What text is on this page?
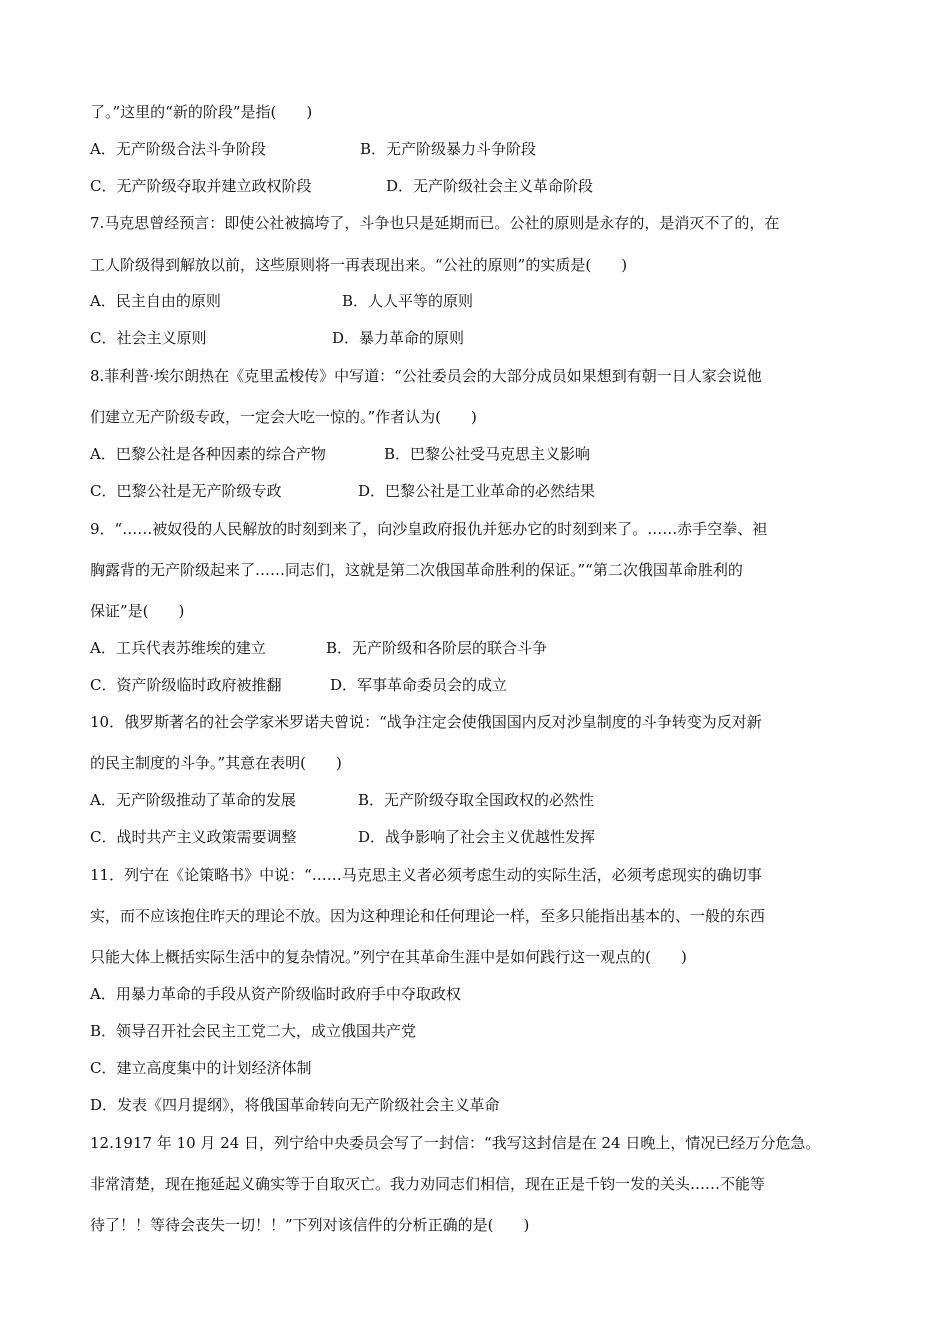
了。”这里的“新的阶段”是指(　　)
A．无产阶级合法斗争阶段	B．无产阶级暴力斗争阶段
C．无产阶级夺取并建立政权阶段	D．无产阶级社会主义革命阶段
7.马克思曾经预言：即使公社被搞垮了，斗争也只是延期而已。公社的原则是永存的，是消灭不了的，在
工人阶级得到解放以前，这些原则将一再表现出来。“公社的原则”的实质是(　　)
A．民主自由的原则	B．人人平等的原则
C．社会主义原则	D．暴力革命的原则
8.菲利普·埃尔朗热在《克里孟梭传》中写道：“公社委员会的大部分成员如果想到有朝一日人家会说他
们建立无产阶级专政，一定会大吃一惊的。”作者认为(　　)
A．巴黎公社是各种因素的综合产物	B．巴黎公社受马克思主义影响
C．巴黎公社是无产阶级专政	D．巴黎公社是工业革命的必然结果
9．“……被奴役的人民解放的时刻到来了，向沙皇政府报仇并惩办它的时刻到来了。……赤手空拳、袒
胸露背的无产阶级起来了……同志们，这就是第二次俄国革命胜利的保证。”“第二次俄国革命胜利的
保证”是(　　)
A．工兵代表苏维埃的建立	B．无产阶级和各阶层的联合斗争
C．资产阶级临时政府被推翻	D．军事革命委员会的成立
10．俄罗斯著名的社会学家米罗诺夫曾说：“战争注定会使俄国国内反对沙皇制度的斗争转变为反对新
的民主制度的斗争。”其意在表明(　　)
A．无产阶级推动了革命的发展	B．无产阶级夺取全国政权的必然性
C．战时共产主义政策需要调整	D．战争影响了社会主义优越性发挥
11．列宁在《论策略书》中说：“……马克思主义者必须考虑生动的实际生活，必须考虑现实的确切事
实，而不应该抱住昨天的理论不放。因为这种理论和任何理论一样，至多只能指出基本的、一般的东西
只能大体上概括实际生活中的复杂情况。”列宁在其革命生涯中是如何践行这一观点的(　　)
A．用暴力革命的手段从资产阶级临时政府手中夺取政权
B．领导召开社会民主工党二大，成立俄国共产党
C．建立高度集中的计划经济体制
D．发表《四月提纲》，将俄国革命转向无产阶级社会主义革命
12.1917 年 10 月 24 日，列宁给中央委员会写了一封信：“我写这封信是在 24 日晚上，情况已经万分危急。
非常清楚，现在拖延起义确实等于自取灭亡。我力劝同志们相信，现在正是千钧一发的关头……不能等
待了！！等待会丧失一切！！”下列对该信件的分析正确的是(　　)
